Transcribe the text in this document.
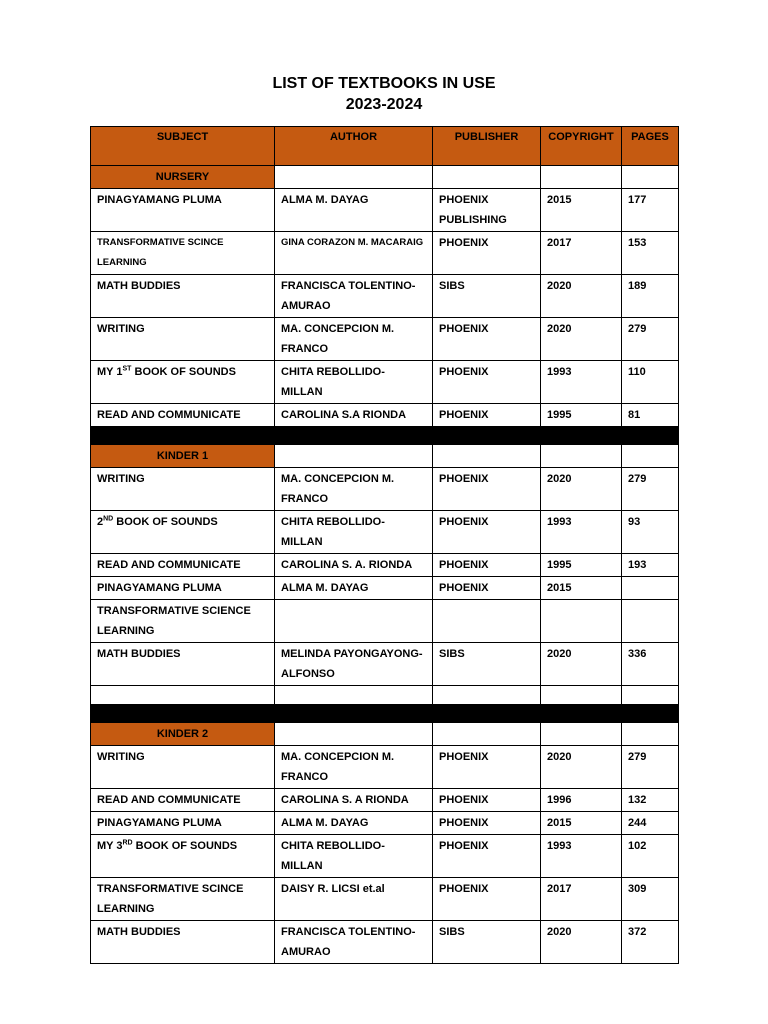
LIST OF TEXTBOOKS IN USE
2023-2024
SUBJECT	AUTHOR	PUBLISHER	COPYRIGHT	PAGES
NURSERY				
PINAGYAMANG PLUMA	ALMA M. DAYAG	PHOENIX PUBLISHING	2015	177
TRANSFORMATIVE SCINCE LEARNING	GINA CORAZON M. MACARAIG	PHOENIX	2017	153
MATH BUDDIES	FRANCISCA TOLENTINO-AMURAO	SIBS	2020	189
WRITING	MA. CONCEPCION M. FRANCO	PHOENIX	2020	279
MY 1ST BOOK OF SOUNDS	CHITA REBOLLIDO-MILLAN	PHOENIX	1993	110
READ AND COMMUNICATE	CAROLINA S.A RIONDA	PHOENIX	1995	81

KINDER 1				
WRITING	MA. CONCEPCION M. FRANCO	PHOENIX	2020	279
2ND BOOK OF SOUNDS	CHITA REBOLLIDO-MILLAN	PHOENIX	1993	93
READ AND COMMUNICATE	CAROLINA S. A. RIONDA	PHOENIX	1995	193
PINAGYAMANG PLUMA	ALMA M. DAYAG	PHOENIX	2015	
TRANSFORMATIVE SCIENCE LEARNING				
MATH BUDDIES	MELINDA PAYONGAYONG-ALFONSO	SIBS	2020	336

KINDER 2				
WRITING	MA. CONCEPCION M. FRANCO	PHOENIX	2020	279
READ AND COMMUNICATE	CAROLINA S. A RIONDA	PHOENIX	1996	132
PINAGYAMANG PLUMA	ALMA M. DAYAG	PHOENIX	2015	244
MY 3RD BOOK OF SOUNDS	CHITA REBOLLIDO-MILLAN	PHOENIX	1993	102
TRANSFORMATIVE SCINCE LEARNING	DAISY R. LICSI et.al	PHOENIX	2017	309
MATH BUDDIES	FRANCISCA TOLENTINO-AMURAO	SIBS	2020	372
